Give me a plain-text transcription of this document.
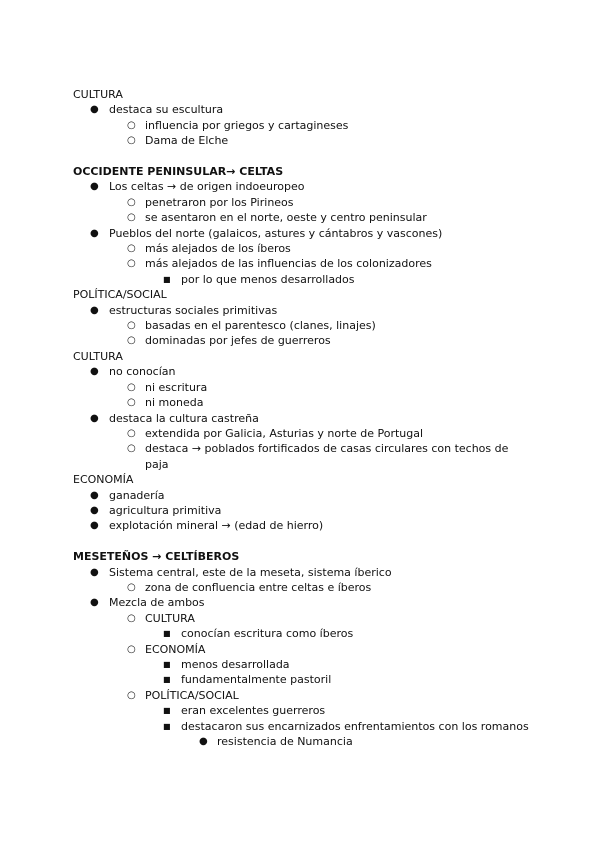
CULTURA
● destaca su escultura
○ influencia por griegos y cartagineses
○ Dama de Elche
OCCIDENTE PENINSULAR→ CELTAS
● Los celtas → de origen indoeuropeo
○ penetraron por los Pirineos
○ se asentaron en el norte, oeste y centro peninsular
● Pueblos del norte (galaicos, astures y cántabros y vascones)
○ más alejados de los íberos
○ más alejados de las influencias de los colonizadores
■ por lo que menos desarrollados
POLÍTICA/SOCIAL
● estructuras sociales primitivas
○ basadas en el parentesco (clanes, linajes)
○ dominadas por jefes de guerreros
CULTURA
● no conocían
○ ni escritura
○ ni moneda
● destaca la cultura castreña
○ extendida por Galicia, Asturias y norte de Portugal
○ destaca → poblados fortificados de casas circulares con techos de paja
ECONOMÍA
● ganadería
● agricultura primitiva
● explotación mineral → (edad de hierro)
MESETEÑOS → CELTÍBEROS
● Sistema central, este de la meseta, sistema íberico
○ zona de confluencia entre celtas e íberos
● Mezcla de ambos
○ CULTURA
■ conocían escritura como íberos
○ ECONOMÍA
■ menos desarrollada
■ fundamentalmente pastoril
○ POLÍTICA/SOCIAL
■ eran excelentes guerreros
■ destacaron sus encarnizados enfrentamientos con los romanos
● resistencia de Numancia
